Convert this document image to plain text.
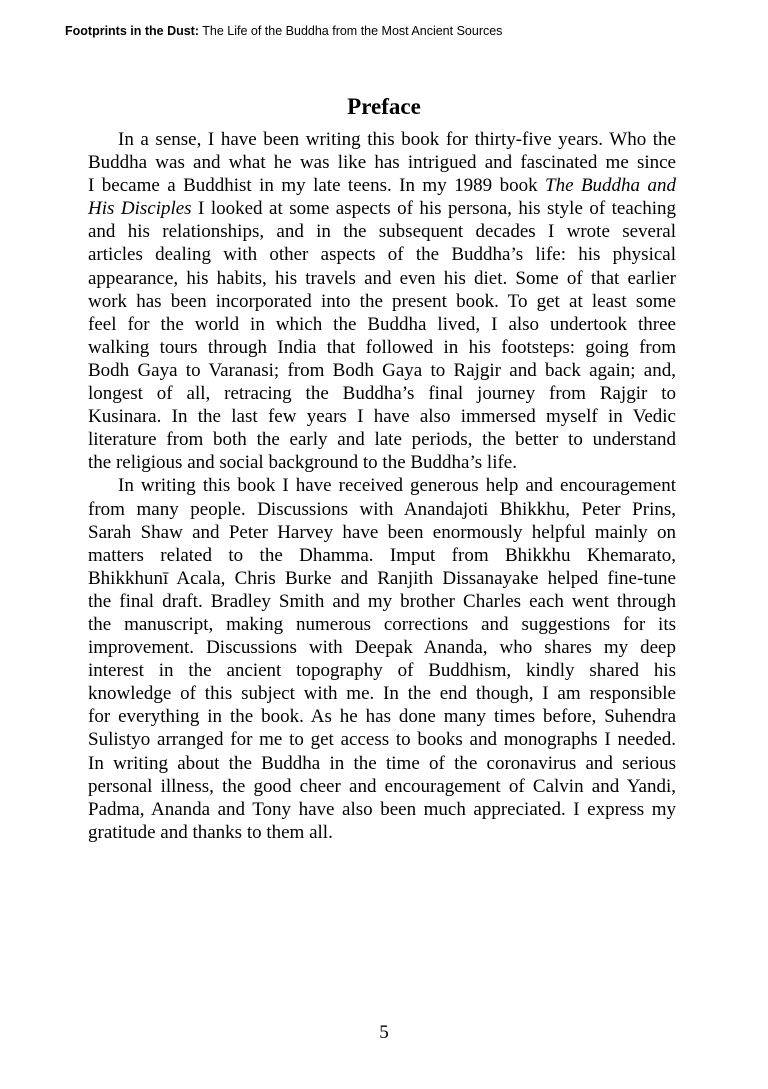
Footprints in the Dust: The Life of the Buddha from the Most Ancient Sources
Preface

In a sense, I have been writing this book for thirty-five years. Who the
Buddha was and what he was like has intrigued and fascinated me since
I became a Buddhist in my late teens. In my 1989 book The Buddha and
His Disciples I looked at some aspects of his persona, his style of teaching
and his relationships, and in the subsequent decades I wrote several
articles dealing with other aspects of the Buddha’s life: his physical
appearance, his habits, his travels and even his diet. Some of that earlier
work has been incorporated into the present book. To get at least some
feel for the world in which the Buddha lived, I also undertook three
walking tours through India that followed in his footsteps: going from
Bodh Gaya to Varanasi; from Bodh Gaya to Rajgir and back again; and,
longest of all, retracing the Buddha’s final journey from Rajgir to
Kusinara. In the last few years I have also immersed myself in Vedic
literature from both the early and late periods, the better to understand
the religious and social background to the Buddha’s life.

In writing this book I have received generous help and encouragement
from many people. Discussions with Anandajoti Bhikkhu, Peter Prins,
Sarah Shaw and Peter Harvey have been enormously helpful mainly on
matters related to the Dhamma. Imput from Bhikkhu Khemarato,
Bhikkhunī Acala, Chris Burke and Ranjith Dissanayake helped fine-tune
the final draft. Bradley Smith and my brother Charles each went through
the manuscript, making numerous corrections and suggestions for its
improvement. Discussions with Deepak Ananda, who shares my deep
interest in the ancient topography of Buddhism, kindly shared his
knowledge of this subject with me. In the end though, I am responsible
for everything in the book. As he has done many times before, Suhendra
Sulistyo arranged for me to get access to books and monographs I needed.
In writing about the Buddha in the time of the coronavirus and serious
personal illness, the good cheer and encouragement of Calvin and Yandi,
Padma, Ananda and Tony have also been much appreciated. I express my
gratitude and thanks to them all.

5
